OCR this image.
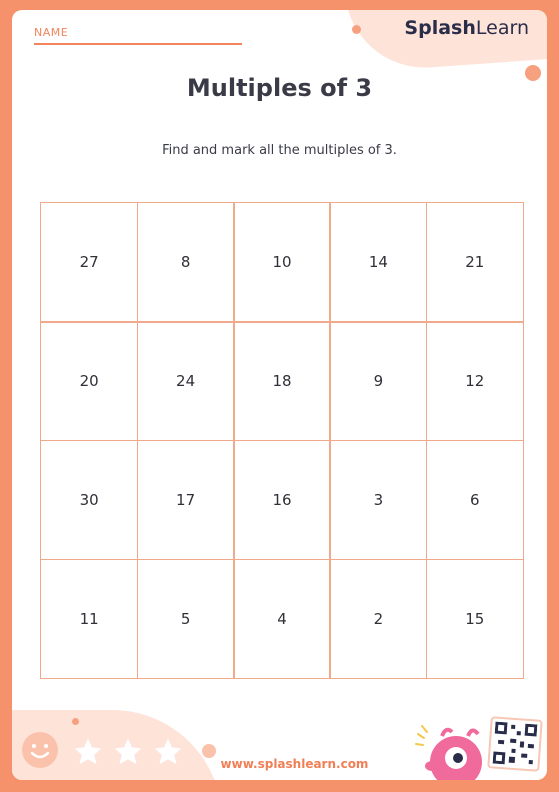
NAME	SplashLearn
Multiples of 3
Find and mark all the multiples of 3.
27	8	10	14	21
20	24	18	9	12
30	17	16	3	6
11	5	4	2	15
www.splashlearn.com
